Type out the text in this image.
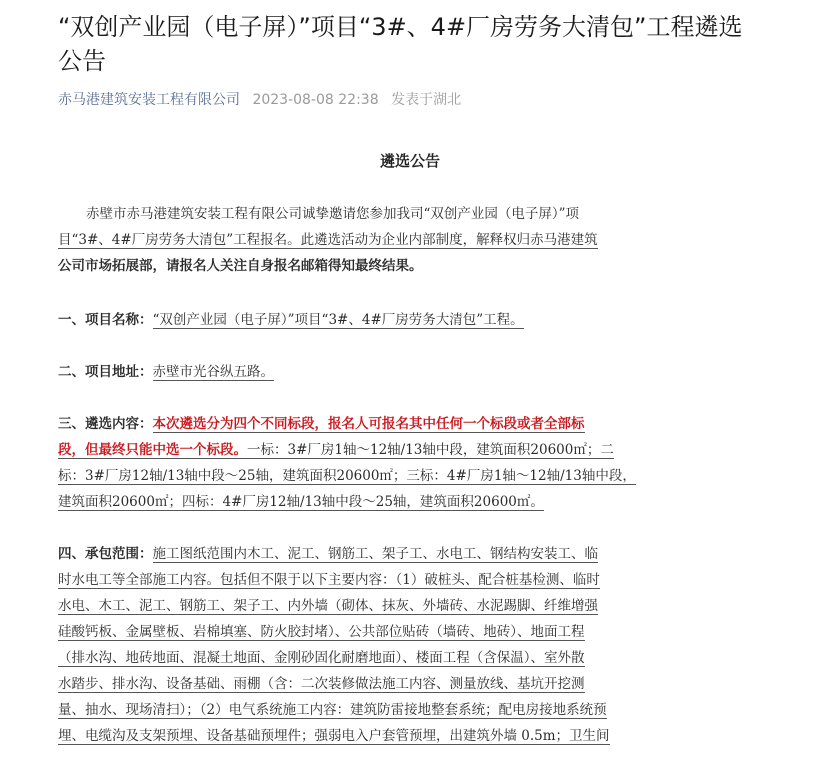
“双创产业园（电子屏）”项目“3#、4#厂房劳务大清包”工程遴选公告
赤马港建筑安装工程有限公司 2023-08-08 22:38 发表于湖北
遴选公告
赤壁市赤马港建筑安装工程有限公司诚挚邀请您参加我司“双创产业园（电子屏）”项
目“3#、4#厂房劳务大清包”工程报名。此遴选活动为企业内部制度，解释权归赤马港建筑
公司市场拓展部，请报名人关注自身报名邮箱得知最终结果。
一、项目名称：“双创产业园（电子屏）”项目“3#、4#厂房劳务大清包”工程。
二、项目地址：赤壁市光谷纵五路。
三、遴选内容：本次遴选分为四个不同标段，报名人可报名其中任何一个标段或者全部标
段，但最终只能中选一个标段。一标：3#厂房1轴～12轴/13轴中段，建筑面积20600㎡；二
标：3#厂房12轴/13轴中段～25轴，建筑面积20600㎡；三标：4#厂房1轴～12轴/13轴中段，
建筑面积20600㎡；四标：4#厂房12轴/13轴中段～25轴，建筑面积20600㎡。
四、承包范围：施工图纸范围内木工、泥工、钢筋工、架子工、水电工、钢结构安装工、临
时水电工等全部施工内容。包括但不限于以下主要内容：（1）破桩头、配合桩基检测、临时
水电、木工、泥工、钢筋工、架子工、内外墙（砌体、抹灰、外墙砖、水泥踢脚、纤维增强
硅酸钙板、金属壁板、岩棉填塞、防火胶封堵）、公共部位贴砖（墙砖、地砖）、地面工程
（排水沟、地砖地面、混凝土地面、金刚砂固化耐磨地面）、楼面工程（含保温）、室外散
水踏步、排水沟、设备基础、雨棚（含：二次装修做法施工内容、测量放线、基坑开挖测
量、抽水、现场清扫）；（2）电气系统施工内容：建筑防雷接地整套系统；配电房接地系统预
埋、电缆沟及支架预埋、设备基础预埋件；强弱电入户套管预埋，出建筑外墙 0.5m；卫生间
